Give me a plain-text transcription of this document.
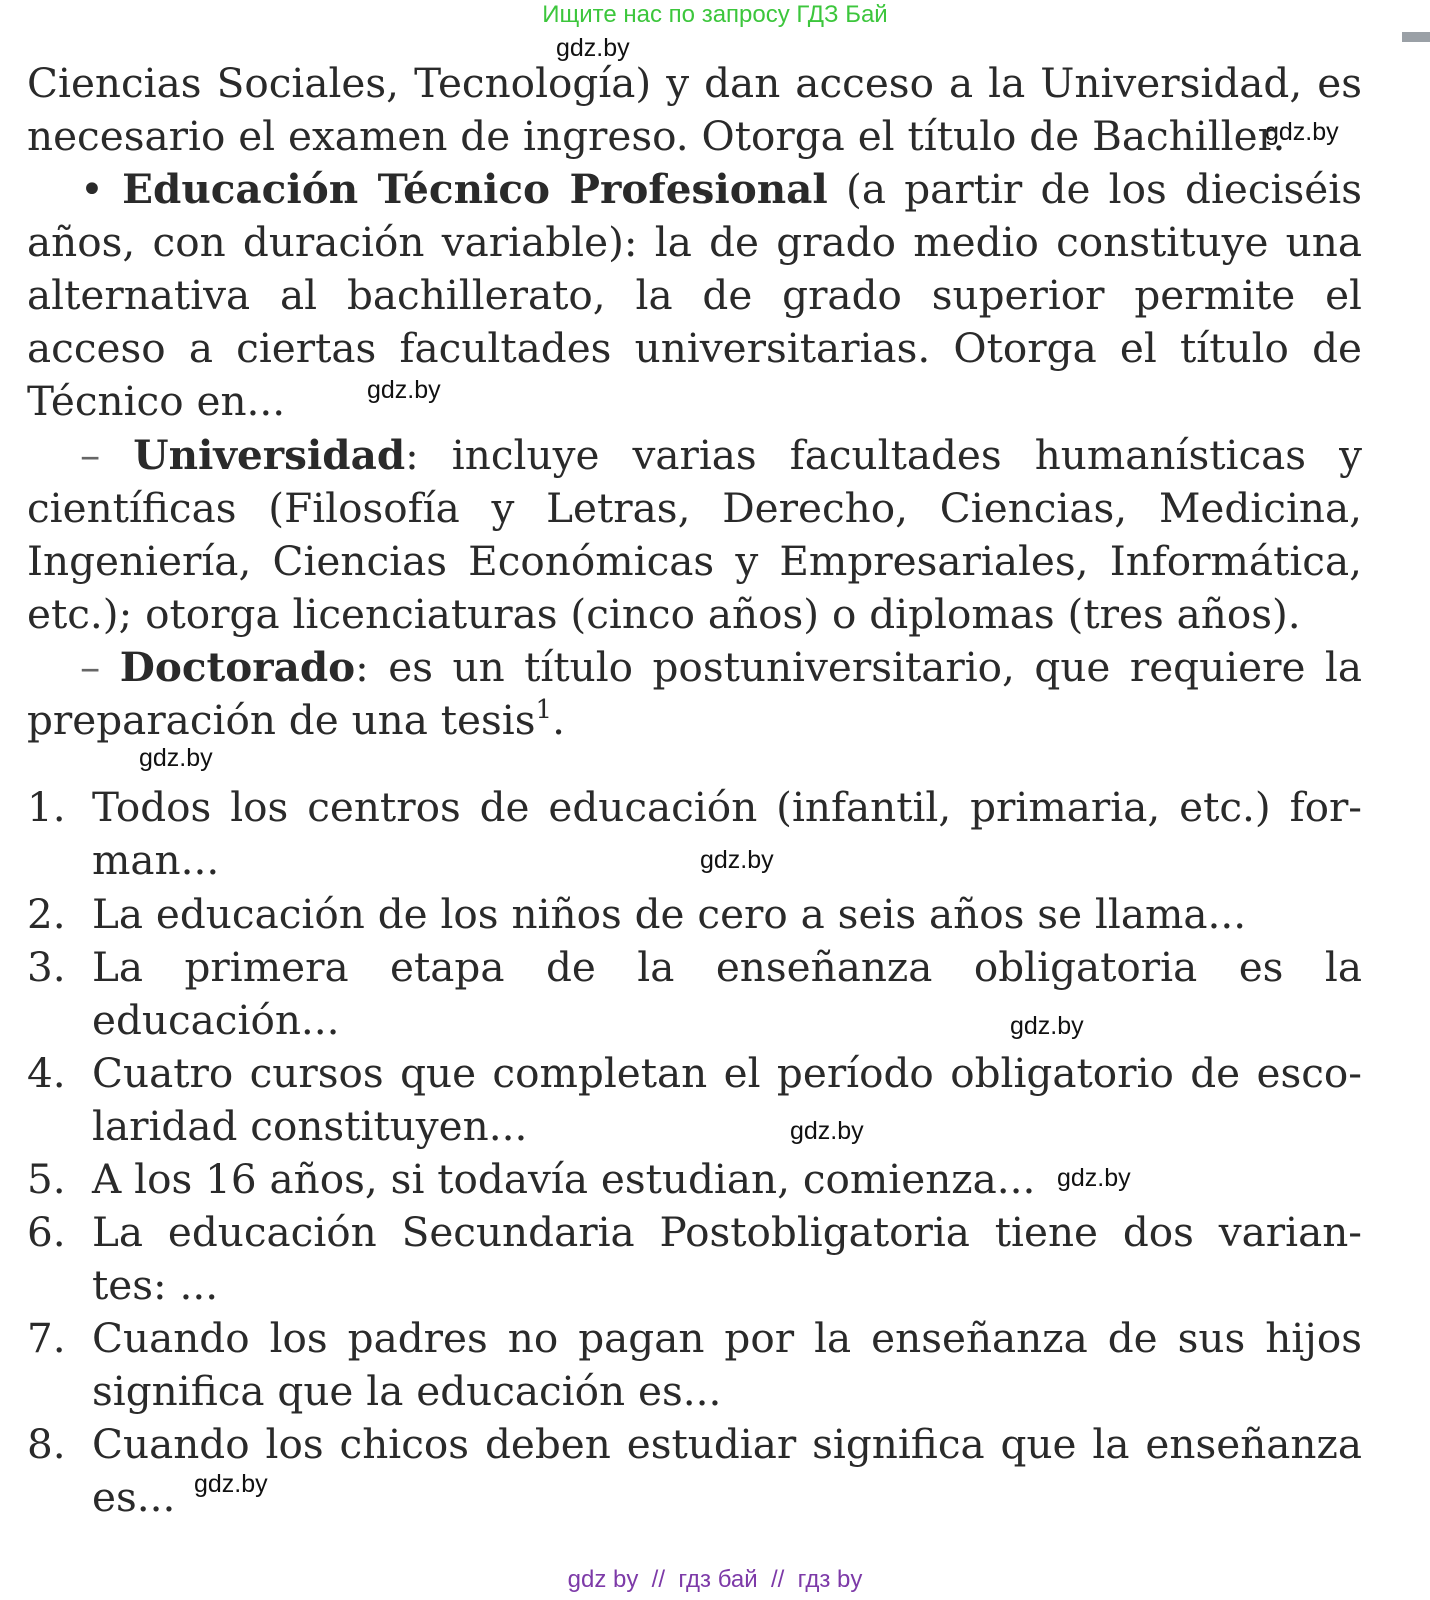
Ищите нас по запросу ГДЗ Бай
gdz.by
gdz.by
gdz.by
gdz.by
gdz.by
gdz.by
gdz.by
gdz.by
gdz.by
Ciencias Sociales, Tecnología) y dan acceso a la Universidad, es
necesario el examen de ingreso. Otorga el título de Bachiller.
• Educación Técnico Profesional (a partir de los dieciséis
años, con duración variable): la de grado medio constituye una
alternativa al bachillerato, la de grado superior permite el
acceso a ciertas facultades universitarias. Otorga el título de
Técnico en...
– Universidad: incluye varias facultades humanísticas y
científicas (Filosofía y Letras, Derecho, Ciencias, Medicina,
Ingeniería, Ciencias Económicas y Empresariales, Informática,
etc.); otorga licenciaturas (cinco años) o diplomas (tres años).
– Doctorado: es un título postuniversitario, que requiere la
preparación de una tesis$^1$.
1. Todos los centros de educación (infantil, primaria, etc.) for-
man...
2. La educación de los niños de cero a seis años se llama...
3. La primera etapa de la enseñanza obligatoria es la
educación...
4. Cuatro cursos que completan el período obligatorio de esco-
laridad constituyen...
5. A los 16 años, si todavía estudian, comienza...
6. La educación Secundaria Postobligatoria tiene dos varian-
tes: ...
7. Cuando los padres no pagan por la enseñanza de sus hijos
significa que la educación es...
8. Cuando los chicos deben estudiar significa que la enseñanza
es...
gdz by  //  гдз бай  //  гдз by
